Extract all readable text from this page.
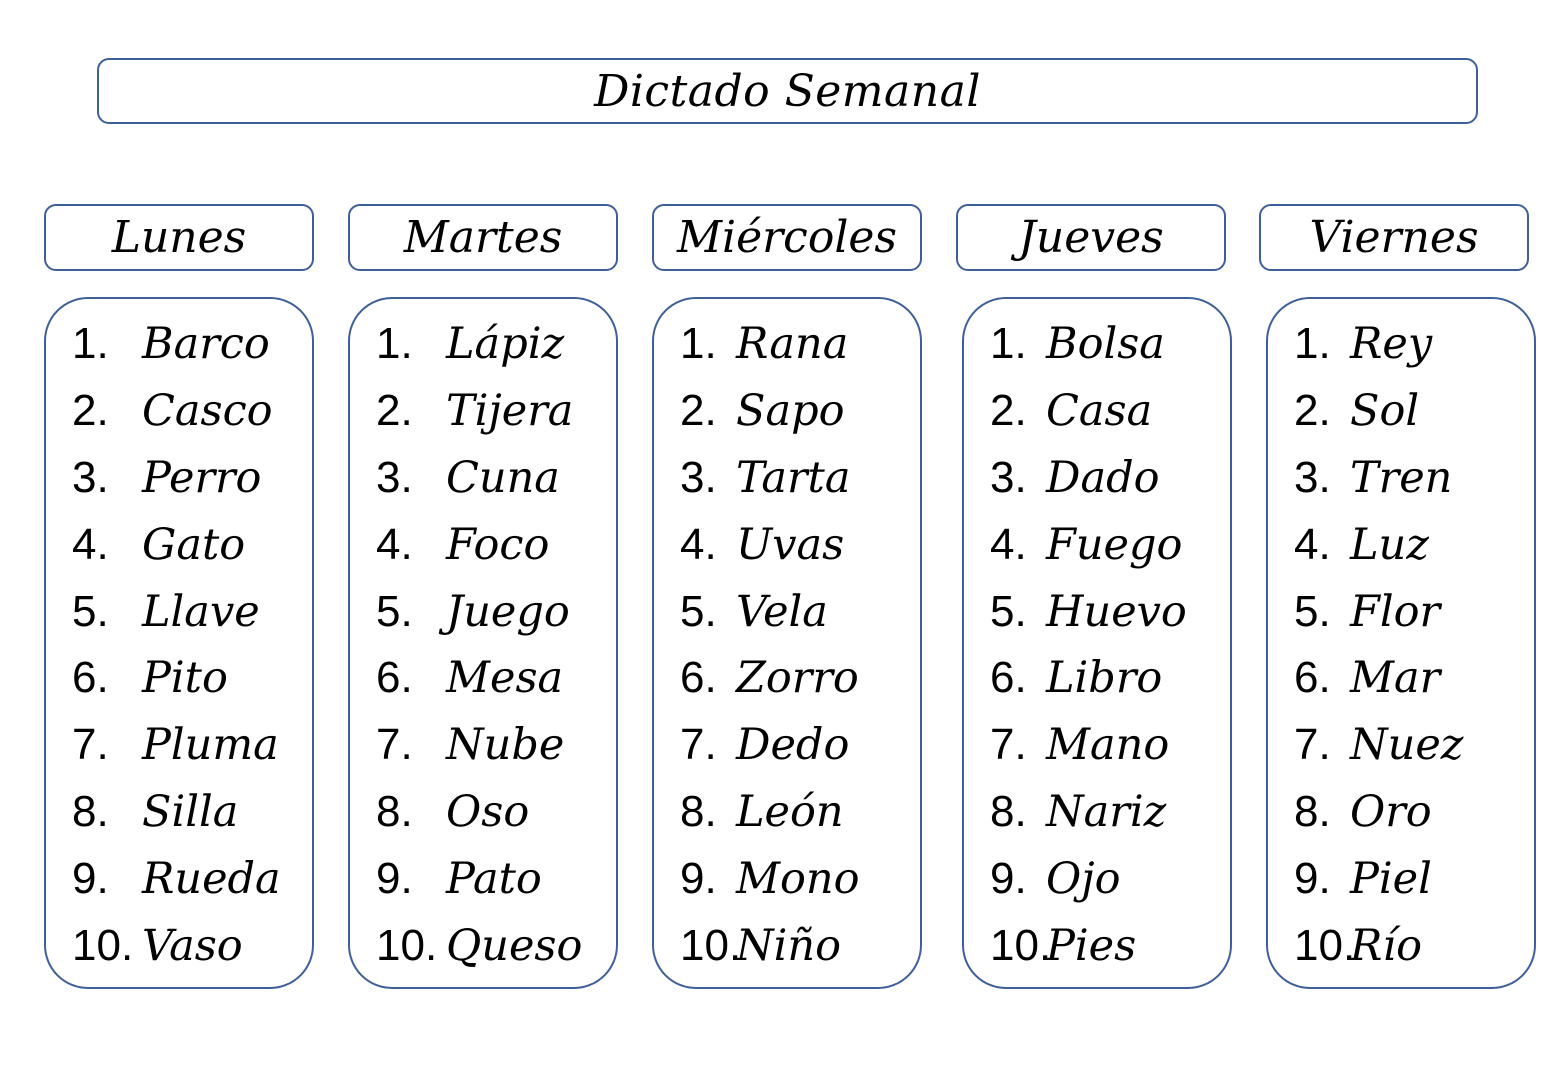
Dictado Semanal
Lunes	Martes	Miércoles	Jueves	Viernes
1. Barco
2. Casco
3. Perro
4. Gato
5. Llave
6. Pito
7. Pluma
8. Silla
9. Rueda
10. Vaso
1. Lápiz
2. Tijera
3. Cuna
4. Foco
5. Juego
6. Mesa
7. Nube
8. Oso
9. Pato
10. Queso
1. Rana
2. Sapo
3. Tarta
4. Uvas
5. Vela
6. Zorro
7. Dedo
8. León
9. Mono
10.
Niño
1. Bolsa
2. Casa
3. Dado
4. Fuego
5. Huevo
6. Libro
7. Mano
8. Nariz
9. Ojo
10.
Pies
1. Rey
2. Sol
3. Tren
4. Luz
5. Flor
6. Mar
7. Nuez
8. Oro
9. Piel
10.
Río
